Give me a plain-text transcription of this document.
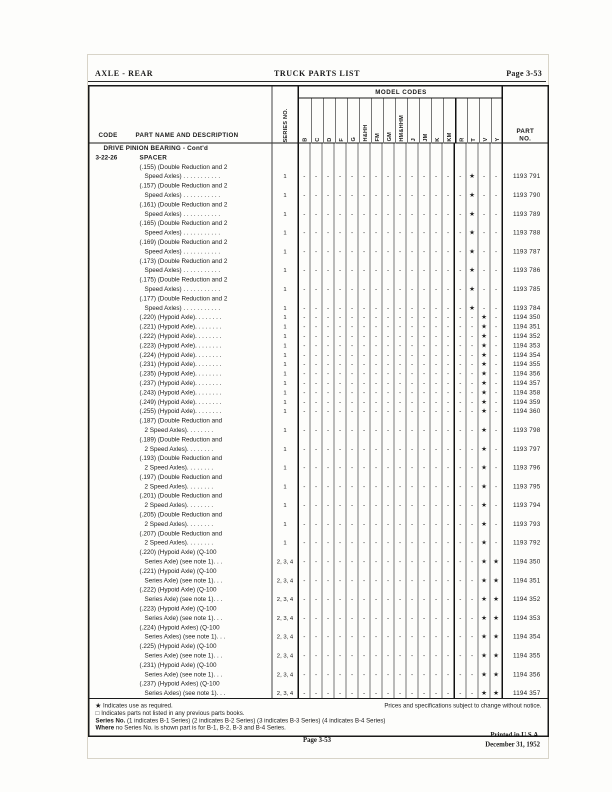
AXLE - REAR	TRUCK PARTS LIST	Page 3-53
CODE PART NAME AND DESCRIPTION	SERIES NO.
MODEL CODES
B C D F G H&HH FM GM HM&HHM J JM K KM R T V Y
PART
NO.
DRIVE PINION BEARING - Cont'd
3-22-26	SPACER
(.155) (Double Reduction and 2
Speed Axles) . . . . . . . . . . .	1	- - - - - - - - - - - - - - ★ - -	1193 791
(.157) (Double Reduction and 2
Speed Axles) . . . . . . . . . . .	1	- - - - - - - - - - - - - - ★ - -	1193 790
(.161) (Double Reduction and 2
Speed Axles) . . . . . . . . . . .	1	- - - - - - - - - - - - - - ★ - -	1193 789
(.165) (Double Reduction and 2
Speed Axles) . . . . . . . . . . .	1	- - - - - - - - - - - - - - ★ - -	1193 788
(.169) (Double Reduction and 2
Speed Axles) . . . . . . . . . . .	1	- - - - - - - - - - - - - - ★ - -	1193 787
(.173) (Double Reduction and 2
Speed Axles) . . . . . . . . . . .	1	- - - - - - - - - - - - - - ★ - -	1193 786
(.175) (Double Reduction and 2
Speed Axles) . . . . . . . . . . .	1	- - - - - - - - - - - - - - ★ - -	1193 785
(.177) (Double Reduction and 2
Speed Axles) . . . . . . . . . . .	1	- - - - - - - - - - - - - - ★ - -	1193 784
(.220) (Hypoid Axle). . . . . . . .	1	- - - - - - - - - - - - - - - ★ -	1194 350
(.221) (Hypoid Axle). . . . . . . .	1	- - - - - - - - - - - - - - - ★ -	1194 351
(.222) (Hypoid Axle). . . . . . . .	1	- - - - - - - - - - - - - - - ★ -	1194 352
(.223) (Hypoid Axle). . . . . . . .	1	- - - - - - - - - - - - - - - ★ -	1194 353
(.224) (Hypoid Axle). . . . . . . .	1	- - - - - - - - - - - - - - - ★ -	1194 354
(.231) (Hypoid Axle). . . . . . . .	1	- - - - - - - - - - - - - - - ★ -	1194 355
(.235) (Hypoid Axle). . . . . . . .	1	- - - - - - - - - - - - - - - ★ -	1194 356
(.237) (Hypoid Axle). . . . . . . .	1	- - - - - - - - - - - - - - - ★ -	1194 357
(.243) (Hypoid Axle). . . . . . . .	1	- - - - - - - - - - - - - - - ★ -	1194 358
(.249) (Hypoid Axle). . . . . . . .	1	- - - - - - - - - - - - - - - ★ -	1194 359
(.255) (Hypoid Axle). . . . . . . .	1	- - - - - - - - - - - - - - - ★ -	1194 360
(.187) (Double Reduction and
2 Speed Axles). . . . . . . .	1	- - - - - - - - - - - - - - - ★ -	1193 798
(.189) (Double Reduction and
2 Speed Axles). . . . . . . .	1	- - - - - - - - - - - - - - - ★ -	1193 797
(.193) (Double Reduction and
2 Speed Axles). . . . . . . .	1	- - - - - - - - - - - - - - - ★ -	1193 796
(.197) (Double Reduction and
2 Speed Axles). . . . . . . .	1	- - - - - - - - - - - - - - - ★ -	1193 795
(.201) (Double Reduction and
2 Speed Axles). . . . . . . .	1	- - - - - - - - - - - - - - - ★ -	1193 794
(.205) (Double Reduction and
2 Speed Axles). . . . . . . .	1	- - - - - - - - - - - - - - - ★ -	1193 793
(.207) (Double Reduction and
2 Speed Axles). . . . . . . .	1	- - - - - - - - - - - - - - - ★ -	1193 792
(.220) (Hypoid Axle) (Q-100
Series Axle) (see note 1). . .	2, 3, 4 - - - - - - - - - - - - - - - ★ ★	1194 350
(.221) (Hypoid Axle) (Q-100
Series Axle) (see note 1). . .	2, 3, 4 - - - - - - - - - - - - - - - ★ ★	1194 351
(.222) (Hypoid Axle) (Q-100
Series Axle) (see note 1). . .	2, 3, 4 - - - - - - - - - - - - - - - ★ ★	1194 352
(.223) (Hypoid Axle) (Q-100
Series Axle) (see note 1). . .	2, 3, 4 - - - - - - - - - - - - - - - ★ ★	1194 353
(.224) (Hypoid Axles) (Q-100
Series Axles) (see note 1). . .	2, 3, 4 - - - - - - - - - - - - - - - ★ ★	1194 354
(.225) (Hypoid Axle) (Q-100
Series Axle) (see note 1). . .	2, 3, 4 - - - - - - - - - - - - - - - ★ ★	1194 355
(.231) (Hypoid Axle) (Q-100
Series Axle) (see note 1). . .	2, 3, 4 - - - - - - - - - - - - - - - ★ ★	1194 356
(.237) (Hypoid Axles) (Q-100
Series Axles) (see note 1). . .	2, 3, 4 - - - - - - - - - - - - - - - ★ ★	1194 357
★ Indicates use as required.	Prices and specifications subject to change without notice.
□ Indicates parts not listed in any previous parts books.
Series No. (1 indicates B-1 Series) (2 indicates B-2 Series) (3 indicates B-3 Series) (4 indicates B-4 Series)
Where no Series No. is shown part is for B-1, B-2, B-3 and B-4 Series.
Page 3-53
Printed in U.S.A.
December 31, 1952
